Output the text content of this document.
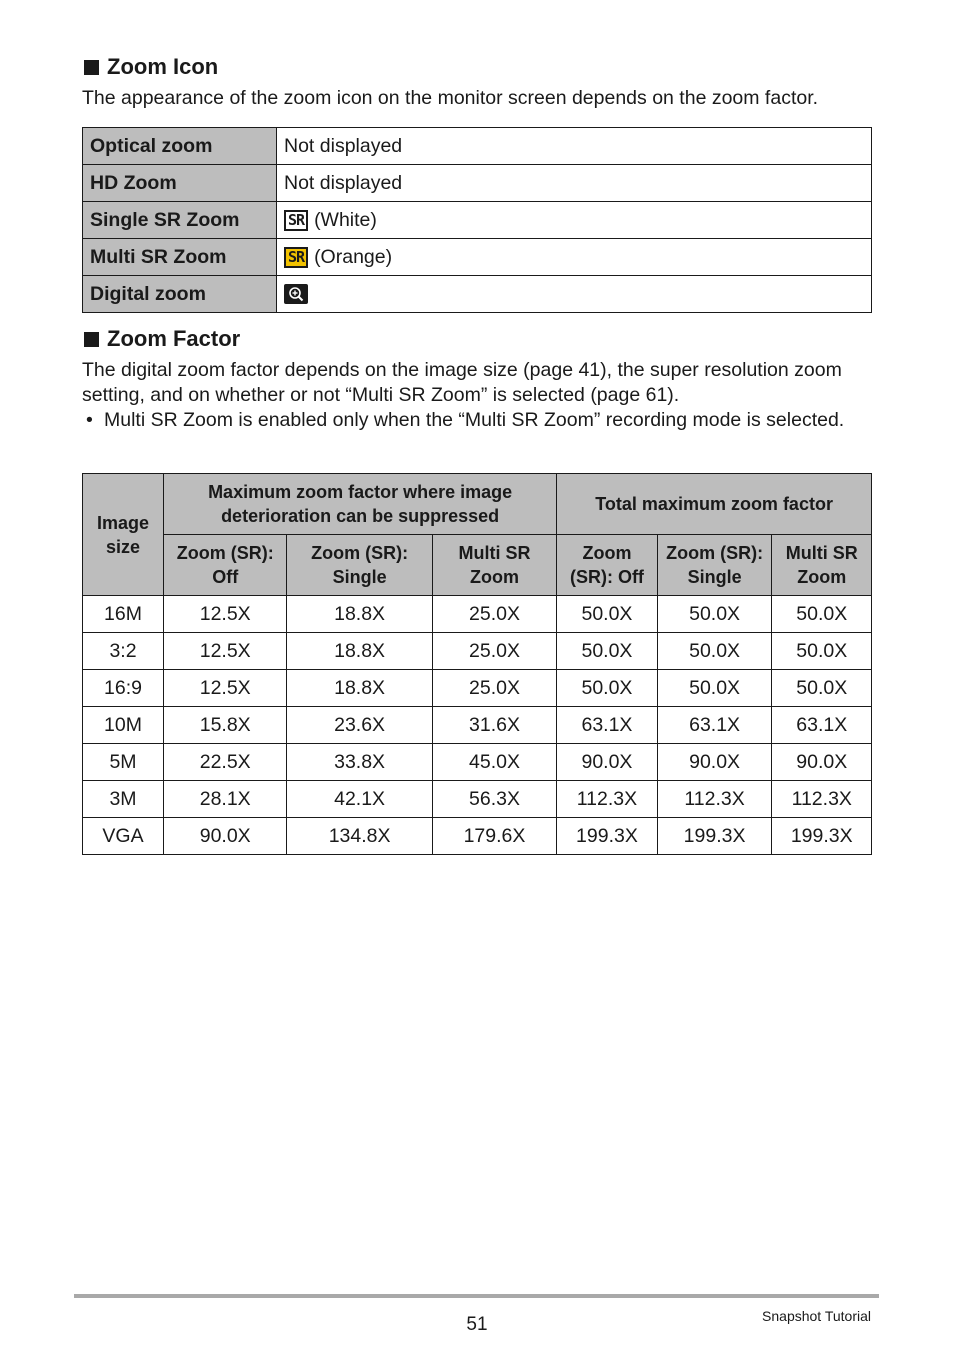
Zoom Icon
The appearance of the zoom icon on the monitor screen depends on the zoom factor.
Optical zoom	Not displayed
HD Zoom	Not displayed
Single SR Zoom	SR (White)
Multi SR Zoom	SR (Orange)
Digital zoom	
Zoom Factor
The digital zoom factor depends on the image size (page 41), the super resolution zoom setting, and on whether or not “Multi SR Zoom” is selected (page 61).
• Multi SR Zoom is enabled only when the “Multi SR Zoom” recording mode is selected.
Image size	Maximum zoom factor where image deterioration can be suppressed			Total maximum zoom factor		
	Zoom (SR): Off	Zoom (SR): Single	Multi SR Zoom	Zoom (SR): Off	Zoom (SR): Single	Multi SR Zoom
16M	12.5X	18.8X	25.0X	50.0X	50.0X	50.0X
3:2	12.5X	18.8X	25.0X	50.0X	50.0X	50.0X
16:9	12.5X	18.8X	25.0X	50.0X	50.0X	50.0X
10M	15.8X	23.6X	31.6X	63.1X	63.1X	63.1X
5M	22.5X	33.8X	45.0X	90.0X	90.0X	90.0X
3M	28.1X	42.1X	56.3X	112.3X	112.3X	112.3X
VGA	90.0X	134.8X	179.6X	199.3X	199.3X	199.3X
51	Snapshot Tutorial
